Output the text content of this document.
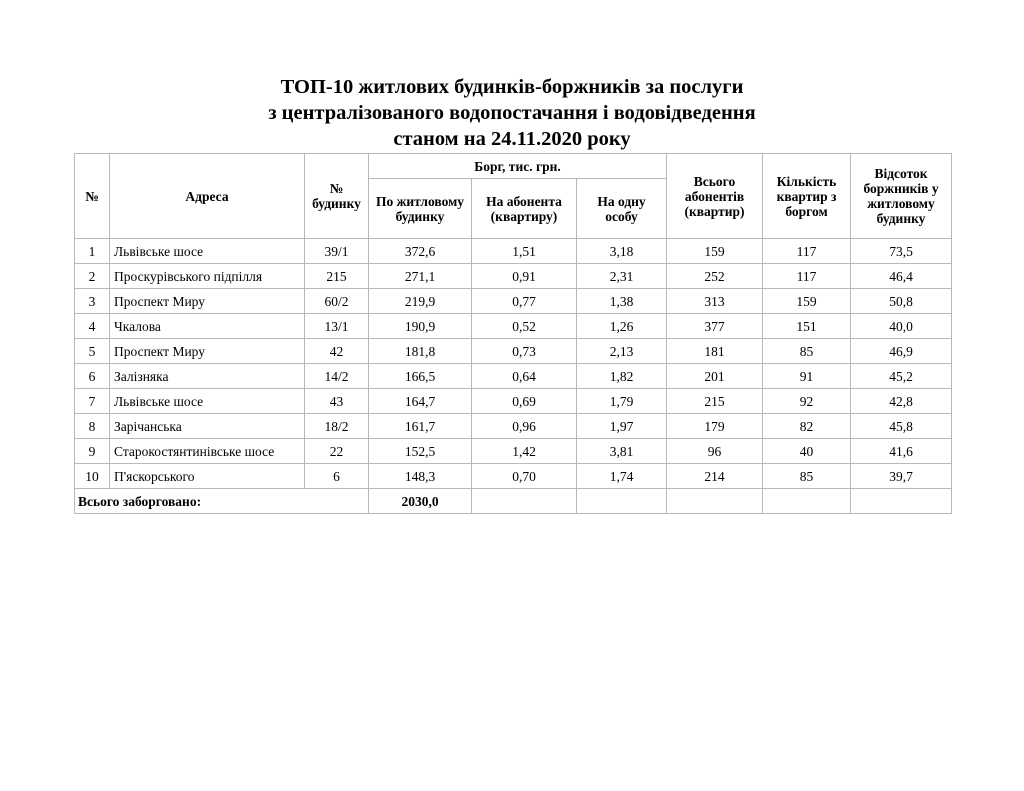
ТОП-10 житлових будинків-боржників за послуги
з централізованого водопостачання і водовідведення
станом на 24.11.2020 року
№	Адреса	№ будинку	Борг, тис. грн.			Всього абонентів (квартир)	Кількість квартир з боргом	Відсоток боржників у житловому будинку
			По житловому будинку	На абонента (квартиру)	На одну особу			
1	Львівське шосе	39/1	372,6	1,51	3,18	159	117	73,5
2	Проскурівського підпілля	215	271,1	0,91	2,31	252	117	46,4
3	Проспект Миру	60/2	219,9	0,77	1,38	313	159	50,8
4	Чкалова	13/1	190,9	0,52	1,26	377	151	40,0
5	Проспект Миру	42	181,8	0,73	2,13	181	85	46,9
6	Залізняка	14/2	166,5	0,64	1,82	201	91	45,2
7	Львівське шосе	43	164,7	0,69	1,79	215	92	42,8
8	Зарічанська	18/2	161,7	0,96	1,97	179	82	45,8
9	Старокостянтинівське шосе	22	152,5	1,42	3,81	96	40	41,6
10	П'яскорського	6	148,3	0,70	1,74	214	85	39,7
Всього заборговано:			2030,0					
